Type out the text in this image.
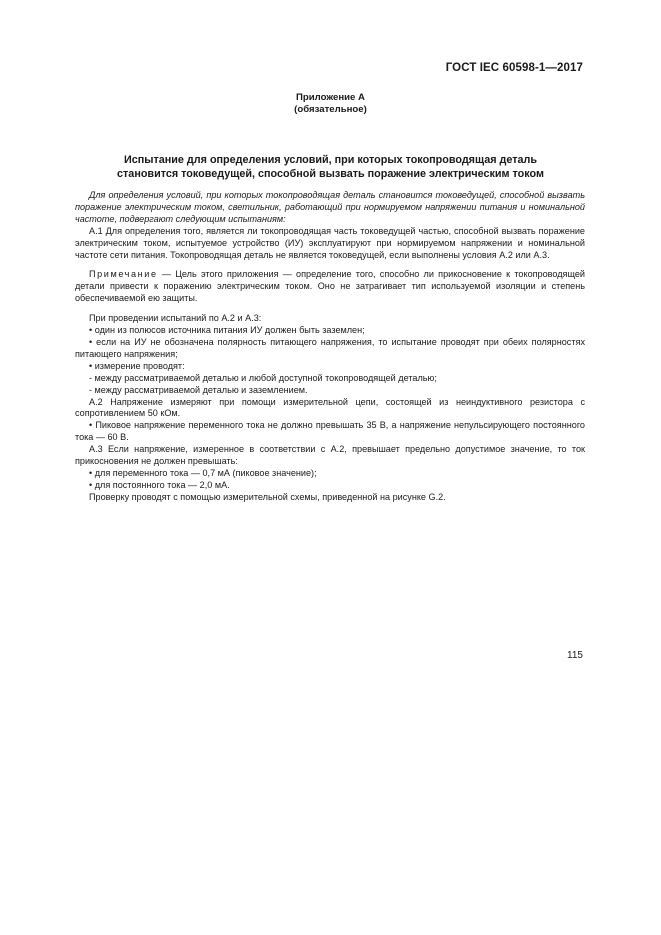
ГОСТ IEC 60598-1—2017
Приложение А
(обязательное)
Испытание для определения условий, при которых токопроводящая деталь
становится токоведущей, способной вызвать поражение электрическим током

Для определения условий, при которых токопроводящая деталь становится токоведущей, способной вызвать поражение электрическим током, светильник, работающий при нормируемом напряжении питания и номинальной частоте, подвергают следующим испытаниям:

А.1 Для определения того, является ли токопроводящая часть токоведущей частью, способной вызвать поражение электрическим током, испытуемое устройство (ИУ) эксплуатируют при нормируемом напряжении и номинальной частоте сети питания. Токопроводящая деталь не является токоведущей, если выполнены условия А.2 или А.3.

Примечание — Цель этого приложения — определение того, способно ли прикосновение к токопроводящей детали привести к поражению электрическим током. Оно не затрагивает тип используемой изоляции и степень обеспечиваемой ею защиты.

При проведении испытаний по А.2 и А.3:

• один из полюсов источника питания ИУ должен быть заземлен;

• если на ИУ не обозначена полярность питающего напряжения, то испытание проводят при обеих полярностях питающего напряжения;

• измерение проводят:

- между рассматриваемой деталью и любой доступной токопроводящей деталью;

- между рассматриваемой деталью и заземлением.

А.2 Напряжение измеряют при помощи измерительной цепи, состоящей из неиндуктивного резистора с сопротивлением 50 кОм.

• Пиковое напряжение переменного тока не должно превышать 35 В, а напряжение непульсирующего постоянного тока — 60 В.

А.3 Если напряжение, измеренное в соответствии с А.2, превышает предельно допустимое значение, то ток прикосновения не должен превышать:

• для переменного тока — 0,7 мА (пиковое значение);

• для постоянного тока — 2,0 мА.

Проверку проводят с помощью измерительной схемы, приведенной на рисунке G.2.

115
